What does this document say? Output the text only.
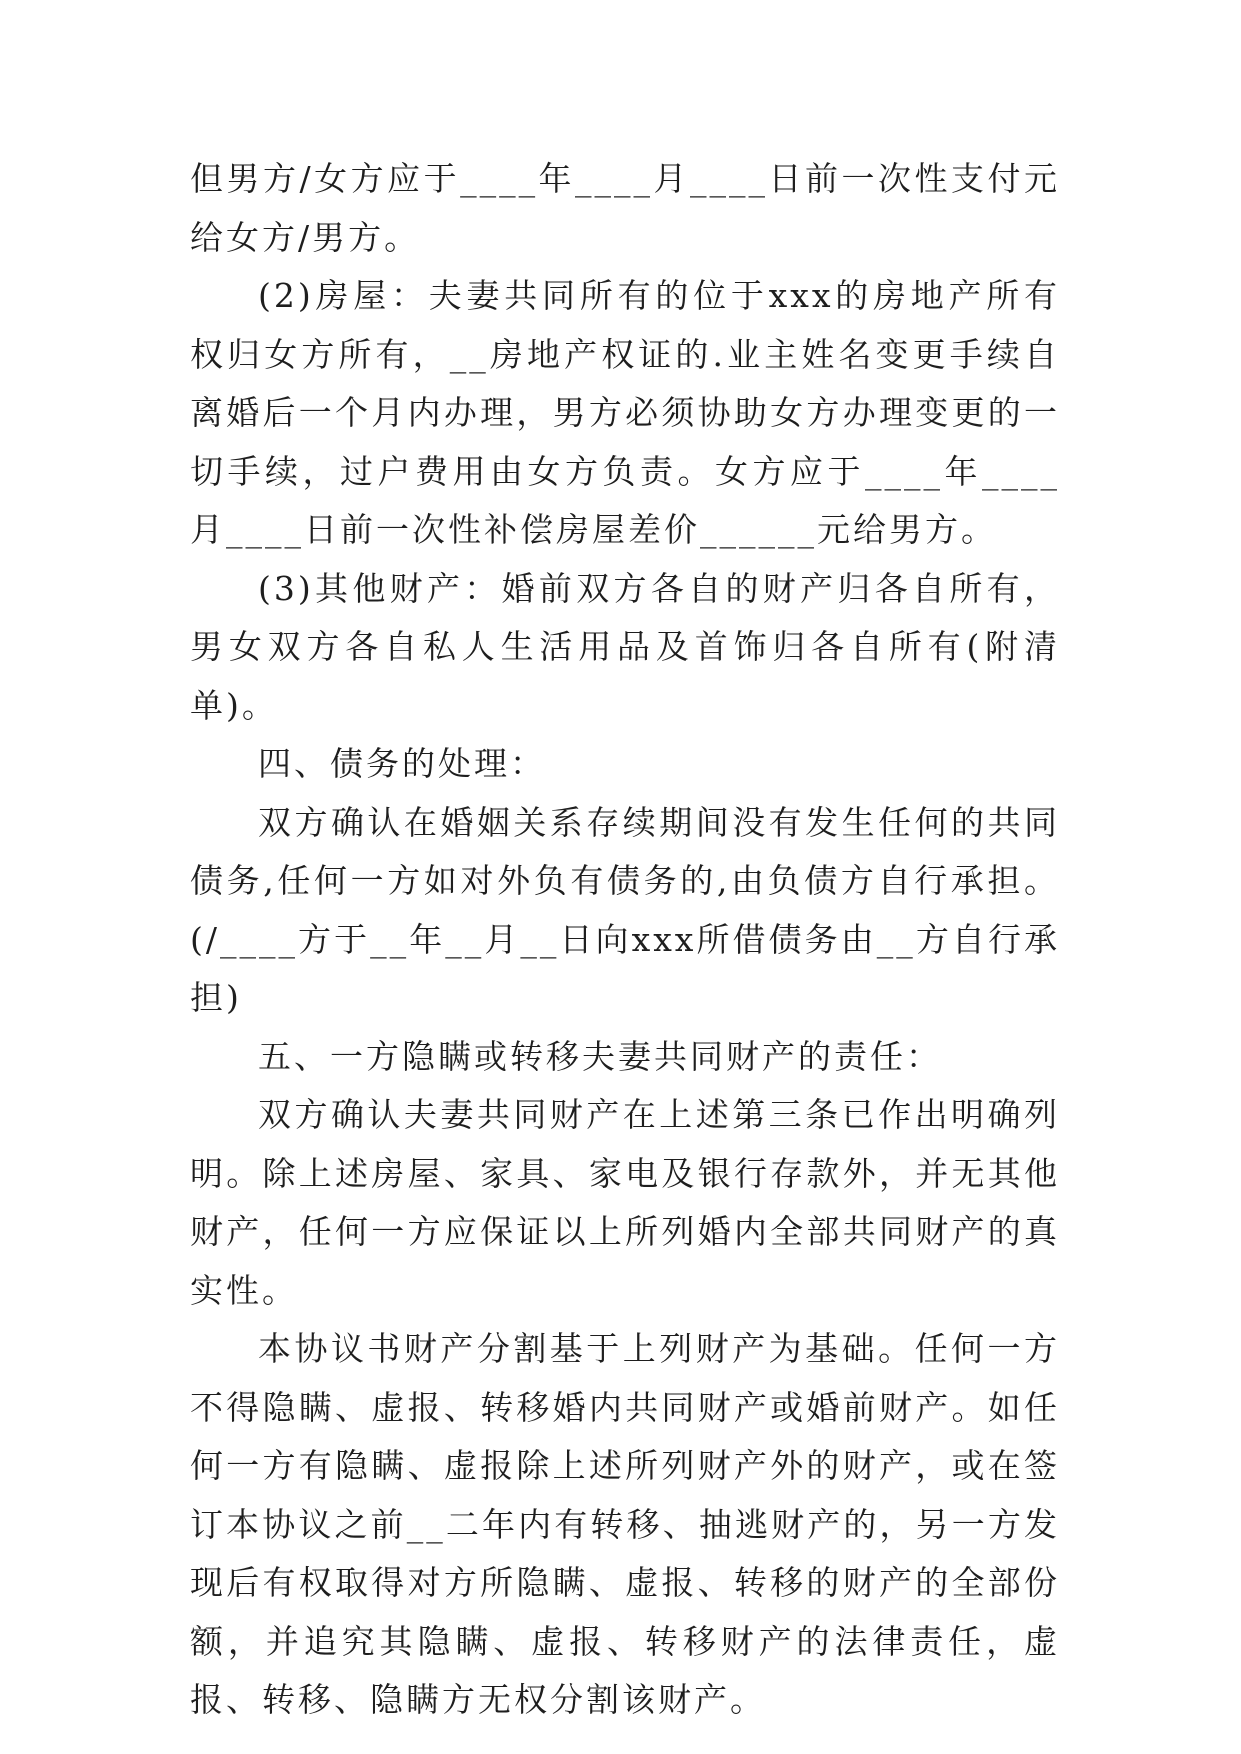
但男方/女方应于____年____月____日前一次性支付元给女方/男方。

(2)房屋：夫妻共同所有的位于xxx的房地产所有权归女方所有，__房地产权证的.业主姓名变更手续自离婚后一个月内办理，男方必须协助女方办理变更的一切手续，过户费用由女方负责。女方应于____年____月____日前一次性补偿房屋差价______元给男方。

(3)其他财产：婚前双方各自的财产归各自所有，男女双方各自私人生活用品及首饰归各自所有(附清单)。

四、债务的处理：

双方确认在婚姻关系存续期间没有发生任何的共同债务,任何一方如对外负有债务的,由负债方自行承担。(/____方于__年__月__日向xxx所借债务由__方自行承担)

五、一方隐瞒或转移夫妻共同财产的责任：

双方确认夫妻共同财产在上述第三条已作出明确列明。除上述房屋、家具、家电及银行存款外，并无其他财产，任何一方应保证以上所列婚内全部共同财产的真实性。

本协议书财产分割基于上列财产为基础。任何一方不得隐瞒、虚报、转移婚内共同财产或婚前财产。如任何一方有隐瞒、虚报除上述所列财产外的财产，或在签订本协议之前__二年内有转移、抽逃财产的，另一方发现后有权取得对方所隐瞒、虚报、转移的财产的全部份额，并追究其隐瞒、虚报、转移财产的法律责任，虚报、转移、隐瞒方无权分割该财产。
